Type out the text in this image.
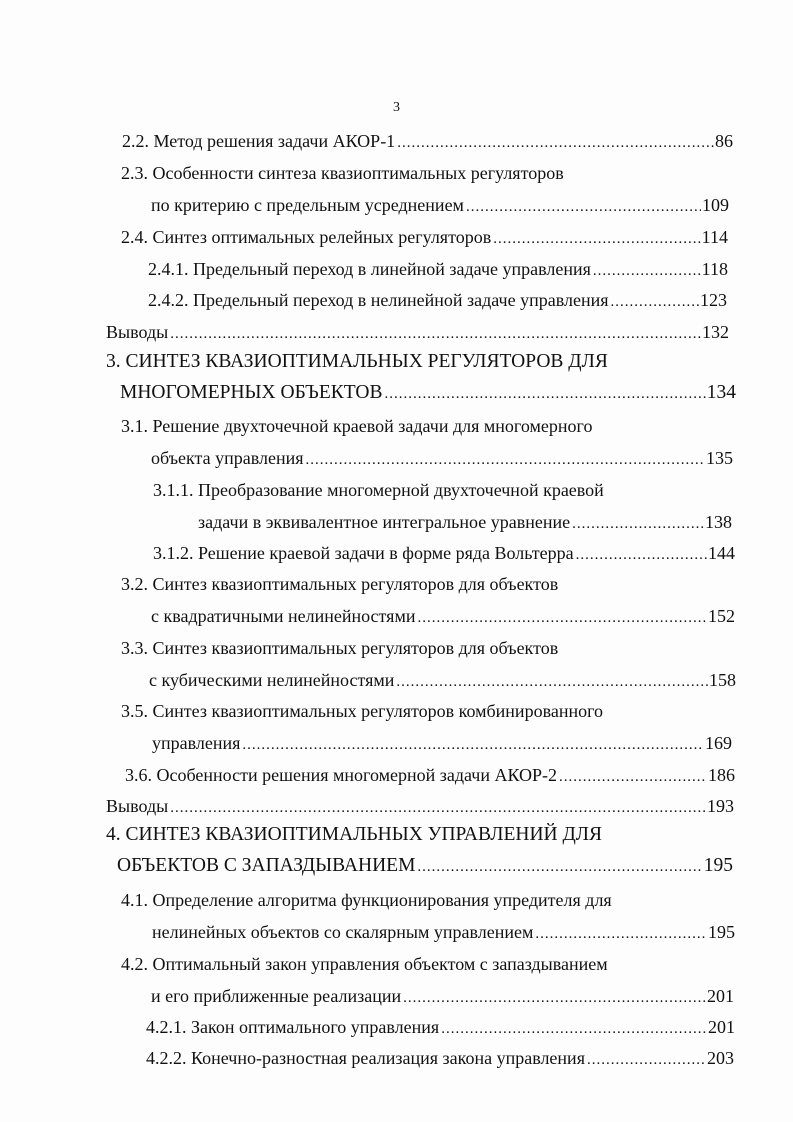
3
2.2. Метод решения задачи АКОР-1 .....	86
2.3. Особенности синтеза квазиоптимальных регуляторов
по критерию с предельным усреднением .....	109
2.4. Синтез оптимальных релейных регуляторов .....	114
2.4.1. Предельный переход в линейной задаче управления .....	118
2.4.2. Предельный переход в нелинейной задаче управления .....	123
Выводы .....	132
3. СИНТЕЗ КВАЗИОПТИМАЛЬНЫХ РЕГУЛЯТОРОВ ДЛЯ
МНОГОМЕРНЫХ ОБЪЕКТОВ .....	134
3.1. Решение двухточечной краевой задачи для многомерного
объекта управления .....	135
3.1.1. Преобразование многомерной двухточечной краевой
задачи в эквивалентное интегральное уравнение .....	138
3.1.2. Решение краевой задачи в форме ряда Вольтерра .....	144
3.2. Синтез квазиоптимальных регуляторов для объектов
с квадратичными нелинейностями .....	152
3.3. Синтез квазиоптимальных регуляторов для объектов
с кубическими нелинейностями .....	158
3.5. Синтез квазиоптимальных регуляторов комбинированного
управления .....	169
3.6. Особенности решения многомерной задачи АКОР-2 .....	186
Выводы .....	193
4. СИНТЕЗ КВАЗИОПТИМАЛЬНЫХ УПРАВЛЕНИЙ ДЛЯ
ОБЪЕКТОВ С ЗАПАЗДЫВАНИЕМ .....	195
4.1. Определение алгоритма функционирования упредителя для
нелинейных объектов со скалярным управлением .....	195
4.2. Оптимальный закон управления объектом с запаздыванием
и его приближенные реализации .....	201
4.2.1. Закон оптимального управления .....	201
4.2.2. Конечно-разностная реализация закона управления .....	203
